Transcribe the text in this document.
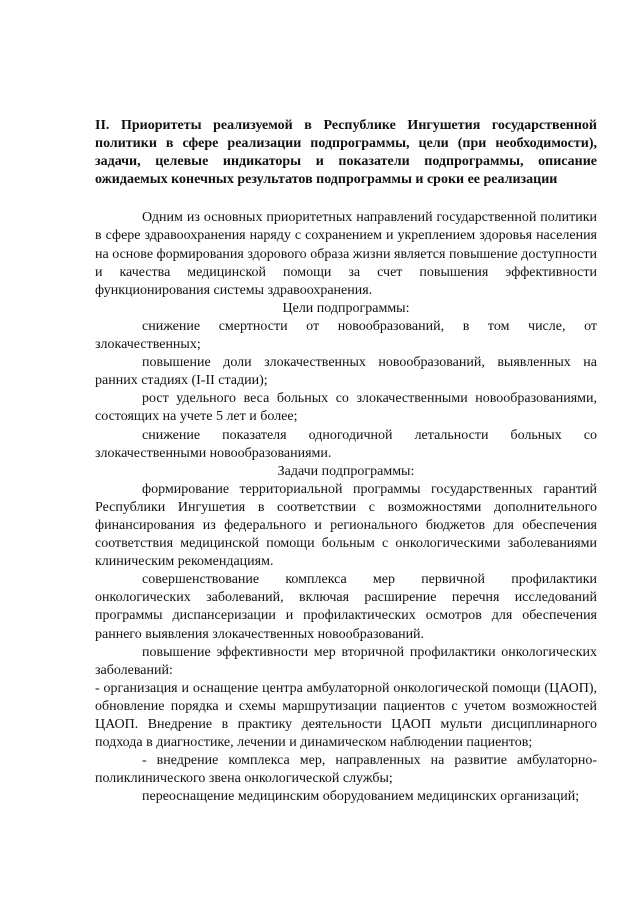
II. Приоритеты реализуемой в Республике Ингушетия государственной политики в сфере реализации подпрограммы, цели (при необходимости), задачи, целевые индикаторы и показатели подпрограммы, описание ожидаемых конечных результатов подпрограммы и сроки ее реализации

Одним из основных приоритетных направлений государственной политики в сфере здравоохранения наряду с сохранением и укреплением здоровья населения на основе формирования здорового образа жизни является повышение доступности и качества медицинской помощи за счет повышения эффективности функционирования системы здравоохранения.

Цели подпрограммы:

снижение смертности от новообразований, в том числе, от злокачественных;

повышение доли злокачественных новообразований, выявленных на ранних стадиях (I-II стадии);

рост удельного веса больных со злокачественными новообразованиями, состоящих на учете 5 лет и более;

снижение показателя одногодичной летальности больных со злокачественными новообразованиями.

Задачи подпрограммы:

формирование территориальной программы государственных гарантий Республики Ингушетия в соответствии с возможностями дополнительного финансирования из федерального и регионального бюджетов для обеспечения соответствия медицинской помощи больным с онкологическими заболеваниями клиническим рекомендациям.

совершенствование комплекса мер первичной профилактики онкологических заболеваний, включая расширение перечня исследований программы диспансеризации и профилактических осмотров для обеспечения раннего выявления злокачественных новообразований.

повышение эффективности мер вторичной профилактики онкологических заболеваний:

- организация и оснащение центра амбулаторной онкологической помощи (ЦАОП), обновление порядка и схемы маршрутизации пациентов с учетом возможностей ЦАОП. Внедрение в практику деятельности ЦАОП мульти дисциплинарного подхода в диагностике, лечении и динамическом наблюдении пациентов;

- внедрение комплекса мер, направленных на развитие амбулаторно-поликлинического звена онкологической службы;

переоснащение медицинским оборудованием медицинских организаций;
